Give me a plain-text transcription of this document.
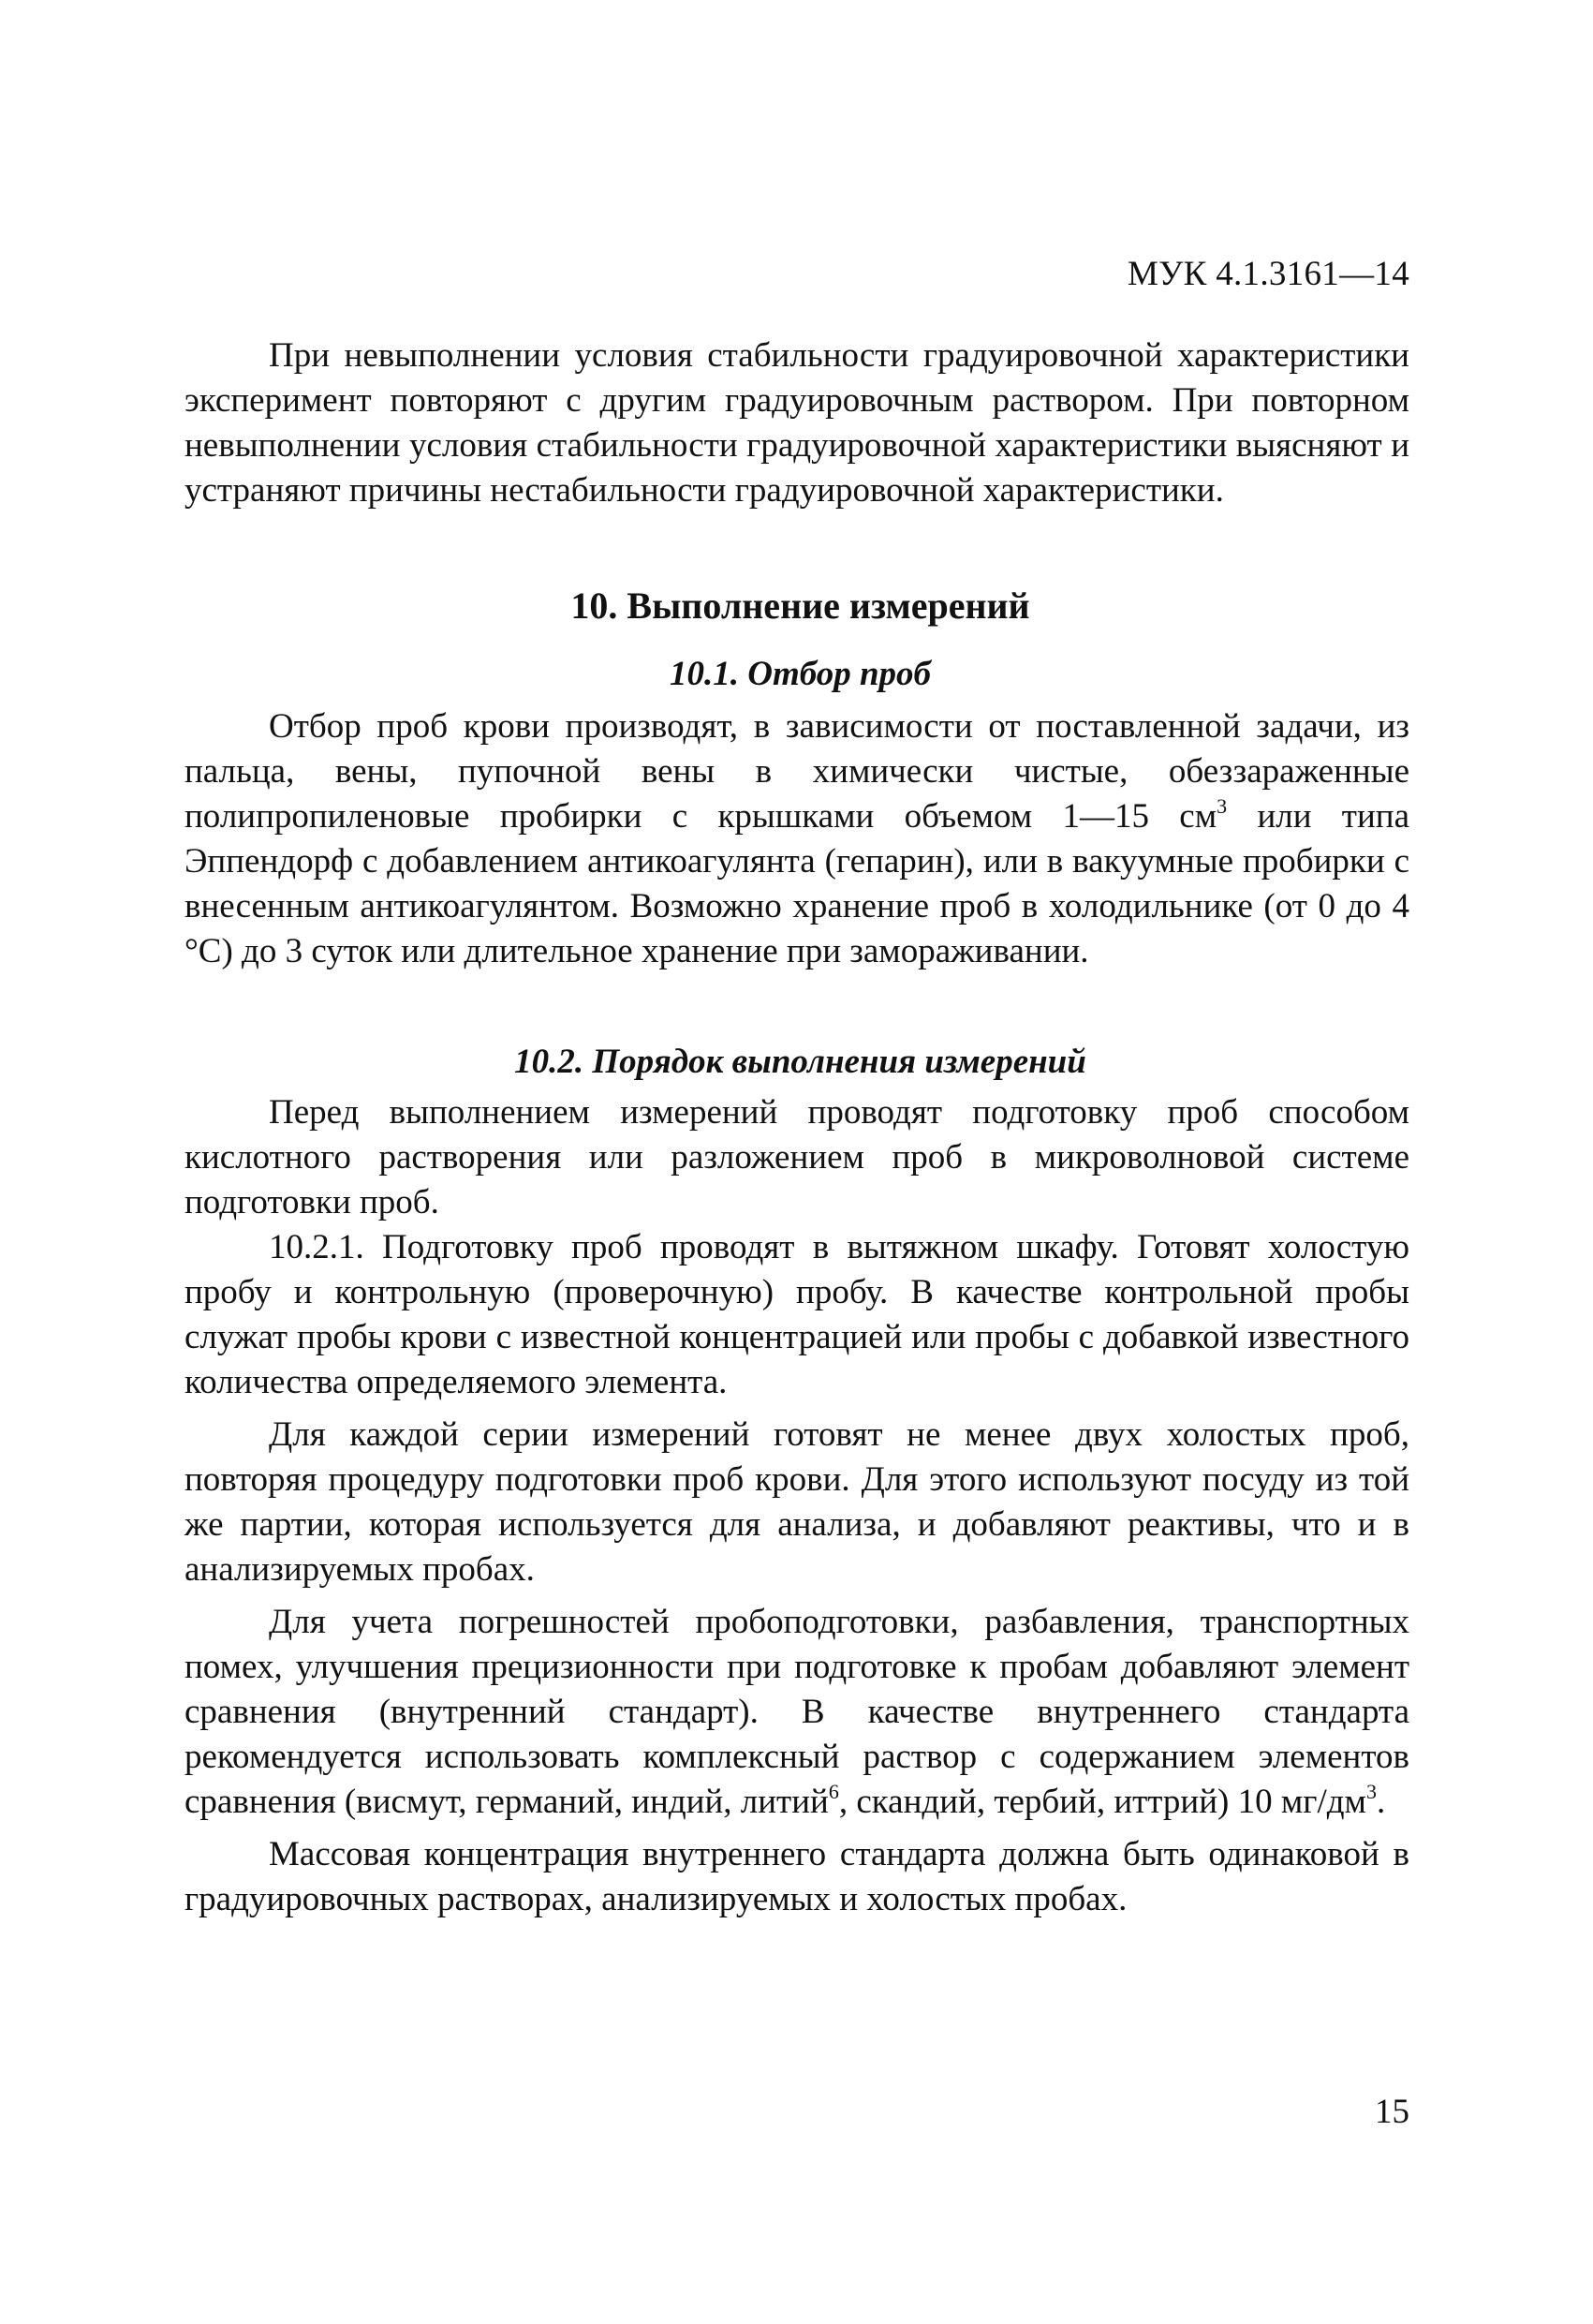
МУК 4.1.3161—14

При невыполнении условия стабильности градуировочной характеристики эксперимент повторяют с другим градуировочным раствором. При повторном невыполнении условия стабильности градуировочной характеристики выясняют и устраняют причины нестабильности градуировочной характеристики.

10. Выполнение измерений
10.1. Отбор проб

Отбор проб крови производят, в зависимости от поставленной задачи, из пальца, вены, пупочной вены в химически чистые, обеззараженные полипропиленовые пробирки с крышками объемом 1—15 $см^3$ или типа Эппендорф с добавлением антикоагулянта (гепарин), или в вакуумные пробирки с внесенным антикоагулянтом. Возможно хранение проб в холодильнике (от 0 до 4 °С) до 3 суток или длительное хранение при замораживании.

10.2. Порядок выполнения измерений

Перед выполнением измерений проводят подготовку проб способом кислотного растворения или разложением проб в микроволновой системе подготовки проб.

10.2.1. Подготовку проб проводят в вытяжном шкафу. Готовят холостую пробу и контрольную (проверочную) пробу. В качестве контрольной пробы служат пробы крови с известной концентрацией или пробы с добавкой известного количества определяемого элемента.

Для каждой серии измерений готовят не менее двух холостых проб, повторяя процедуру подготовки проб крови. Для этого используют посуду из той же партии, которая используется для анализа, и добавляют реактивы, что и в анализируемых пробах.

Для учета погрешностей пробоподготовки, разбавления, транспортных помех, улучшения прецизионности при подготовке к пробам добавляют элемент сравнения (внутренний стандарт). В качестве внутреннего стандарта рекомендуется использовать комплексный раствор с содержанием элементов сравнения (висмут, германий, индий, литий$^6$, скандий, тербий, иттрий) 10 $мг/дм^3$.

Массовая концентрация внутреннего стандарта должна быть одинаковой в градуировочных растворах, анализируемых и холостых пробах.

15
